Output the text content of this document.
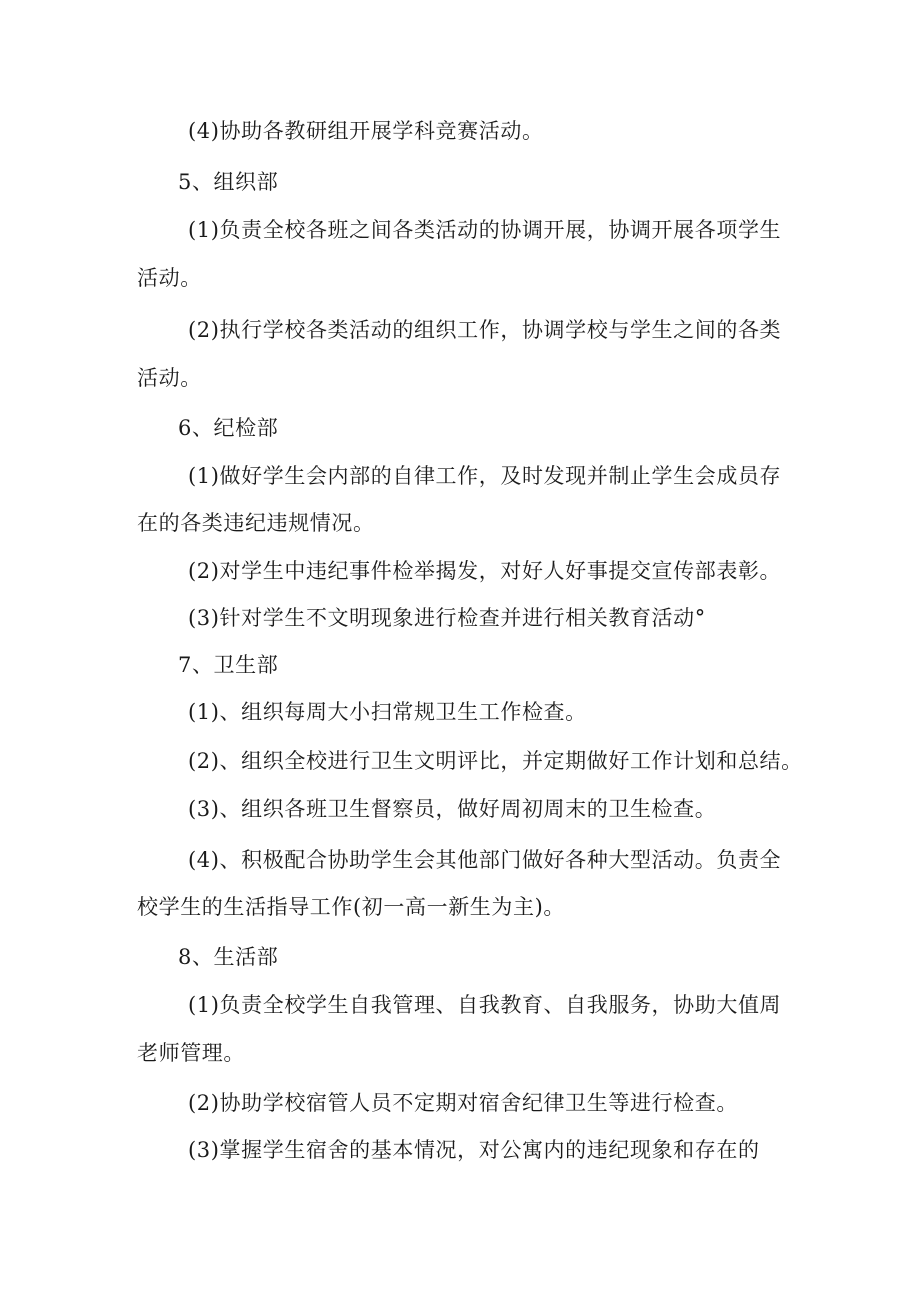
(4)协助各教研组开展学科竞赛活动。
5、组织部
(1)负责全校各班之间各类活动的协调开展，协调开展各项学生
活动。
(2)执行学校各类活动的组织工作，协调学校与学生之间的各类
活动。
6、纪检部
(1)做好学生会内部的自律工作，及时发现并制止学生会成员存
在的各类违纪违规情况。
(2)对学生中违纪事件检举揭发，对好人好事提交宣传部表彰。
(3)针对学生不文明现象进行检查并进行相关教育活动°
7、卫生部
(1)、组织每周大小扫常规卫生工作检查。
(2)、组织全校进行卫生文明评比，并定期做好工作计划和总结。
(3)、组织各班卫生督察员，做好周初周末的卫生检查。
(4)、积极配合协助学生会其他部门做好各种大型活动。负责全
校学生的生活指导工作(初一高一新生为主)。
8、生活部
(1)负责全校学生自我管理、自我教育、自我服务，协助大值周
老师管理。
(2)协助学校宿管人员不定期对宿舍纪律卫生等进行检查。
(3)掌握学生宿舍的基本情况，对公寓内的违纪现象和存在的
